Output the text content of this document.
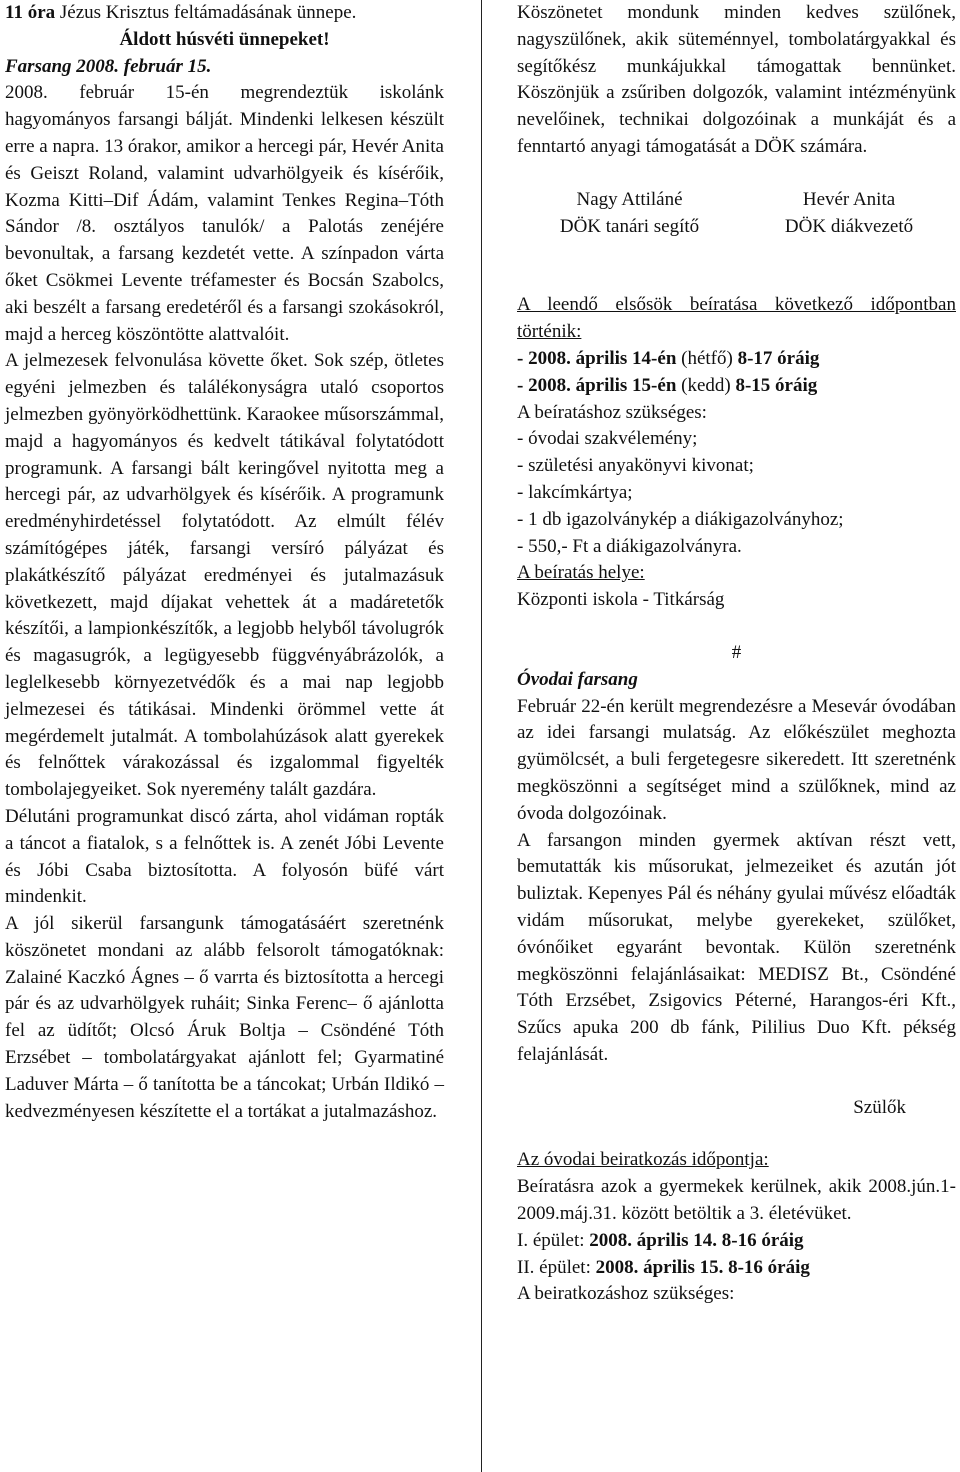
11 óra Jézus Krisztus feltámadásának ünnepe.

Áldott húsvéti ünnepeket!

Farsang 2008. február 15.

2008. február 15-én megrendeztük iskolánk hagyományos farsangi bálját. Mindenki lelkesen készült erre a napra. 13 órakor, amikor a hercegi pár, Hevér Anita és Geiszt Roland, valamint udvarhölgyeik és kísérőik, Kozma Kitti–Dif Ádám, valamint Tenkes Regina–Tóth Sándor /8. osztályos tanulók/ a Palotás zenéjére bevonultak, a farsang kezdetét vette. A színpadon várta őket Csökmei Levente tréfamester és Bocsán Szabolcs, aki beszélt a farsang eredetéről és a farsangi szokásokról, majd a herceg köszöntötte alattvalóit.

A jelmezesek felvonulása követte őket. Sok szép, ötletes egyéni jelmezben és találékonyságra utaló csoportos jelmezben gyönyörködhettünk. Karaokee műsorszámmal, majd a hagyományos és kedvelt tátikával folytatódott programunk. A farsangi bált keringővel nyitotta meg a hercegi pár, az udvarhölgyek és kísérőik. A programunk eredményhirdetéssel folytatódott. Az elmúlt félév számítógépes játék, farsangi versíró pályázat és plakátkészítő pályázat eredményei és jutalmazásuk következett, majd díjakat vehettek át a madáretetők készítői, a lampionkészítők, a legjobb helyből távolugrók és magasugrók, a legügyesebb függvényábrázolók, a leglelkesebb környezetvédők és a mai nap legjobb jelmezesei és tátikásai. Mindenki örömmel vette át megérdemelt jutalmát. A tombolahúzások alatt gyerekek és felnőttek várakozással és izgalommal figyelték tombolajegyeiket. Sok nyeremény talált gazdára.

Délutáni programunkat discó zárta, ahol vidáman ropták a táncot a fiatalok, s a felnőttek is. A zenét Jóbi Levente és Jóbi Csaba biztosította. A folyosón büfé várt mindenkit.

A jól sikerül farsangunk támogatásáért szeretnénk köszönetet mondani az alább felsorolt támogatóknak: Zalainé Kaczkó Ágnes – ő varrta és biztosította a hercegi pár és az udvarhölgyek ruháit; Sinka Ferenc– ő ajánlotta fel az üdítőt; Olcsó Áruk Boltja – Csöndéné Tóth Erzsébet – tombolatárgyakat ajánlott fel; Gyarmatiné Laduver Márta – ő tanította be a táncokat; Urbán Ildikó – kedvezményesen készítette el a tortákat a jutalmazáshoz.

Köszönetet mondunk minden kedves szülőnek, nagyszülőnek, akik süteménnyel, tombolatárgyakkal és segítőkész munkájukkal támogattak bennünket. Köszönjük a zsűriben dolgozók, valamint intézményünk nevelőinek, technikai dolgozóinak a munkáját és a fenntartó anyagi támogatását a DÖK számára.

Nagy Attiláné
DÖK tanári segítő
Hevér Anita
DÖK diákvezető

A leendő elsősök beíratása következő időpontban történik:

- 2008. április 14-én (hétfő) 8-17 óráig

- 2008. április 15-én (kedd) 8-15 óráig

A beíratáshoz szükséges:

- óvodai szakvélemény;

- születési anyakönyvi kivonat;

- lakcímkártya;

- 1 db igazolványkép a diákigazolványhoz;

- 550,- Ft a diákigazolványra.

A beíratás helye:

Központi iskola - Titkárság

#

Óvodai farsang

Február 22-én került megrendezésre a Mesevár óvodában az idei farsangi mulatság. Az előkészület meghozta gyümölcsét, a buli fergetegesre sikeredett. Itt szeretnénk megköszönni a segítséget mind a szülőknek, mind az óvoda dolgozóinak.

A farsangon minden gyermek aktívan részt vett, bemutatták kis műsorukat, jelmezeiket és azután jót buliztak. Kepenyes Pál és néhány gyulai művész előadták vidám műsorukat, melybe gyerekeket, szülőket, óvónőiket egyaránt bevontak. Külön szeretnénk megköszönni felajánlásaikat: MEDISZ Bt., Csöndéné Tóth Erzsébet, Zsigovics Péterné, Harangos-éri Kft., Szűcs apuka 200 db fánk, Pililius Duo Kft. pékség felajánlását.

Szülők

Az óvodai beiratkozás időpontja:

Beíratásra azok a gyermekek kerülnek, akik 2008.jún.1-2009.máj.31. között betöltik a 3. életévüket.

I. épület: 2008. április 14. 8-16 óráig

II. épület: 2008. április 15. 8-16 óráig

A beiratkozáshoz szükséges:
